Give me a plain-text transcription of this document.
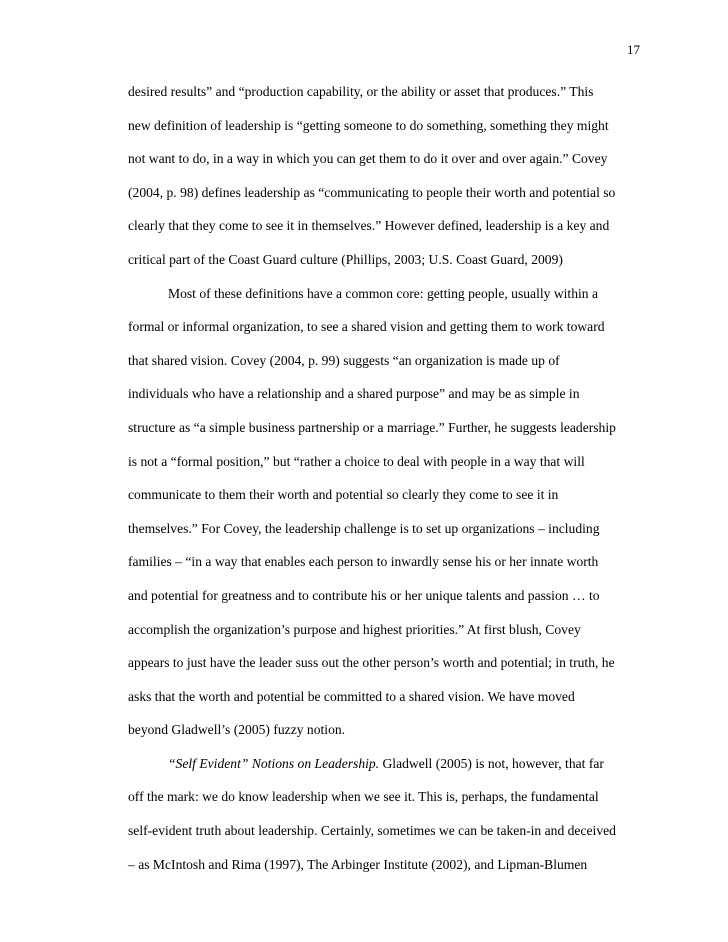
17
desired results” and “production capability, or the ability or asset that produces.” This
new definition of leadership is “getting someone to do something, something they might
not want to do, in a way in which you can get them to do it over and over again.” Covey
(2004, p. 98) defines leadership as “communicating to people their worth and potential so
clearly that they come to see it in themselves.” However defined, leadership is a key and
critical part of the Coast Guard culture (Phillips, 2003; U.S. Coast Guard, 2009)
Most of these definitions have a common core: getting people, usually within a
formal or informal organization, to see a shared vision and getting them to work toward
that shared vision. Covey (2004, p. 99) suggests “an organization is made up of
individuals who have a relationship and a shared purpose” and may be as simple in
structure as “a simple business partnership or a marriage.” Further, he suggests leadership
is not a “formal position,” but “rather a choice to deal with people in a way that will
communicate to them their worth and potential so clearly they come to see it in
themselves.” For Covey, the leadership challenge is to set up organizations – including
families – “in a way that enables each person to inwardly sense his or her innate worth
and potential for greatness and to contribute his or her unique talents and passion … to
accomplish the organization’s purpose and highest priorities.” At first blush, Covey
appears to just have the leader suss out the other person’s worth and potential; in truth, he
asks that the worth and potential be committed to a shared vision. We have moved
beyond Gladwell’s (2005) fuzzy notion.
“Self Evident” Notions on Leadership. Gladwell (2005) is not, however, that far
off the mark: we do know leadership when we see it. This is, perhaps, the fundamental
self-evident truth about leadership. Certainly, sometimes we can be taken-in and deceived
– as McIntosh and Rima (1997), The Arbinger Institute (2002), and Lipman-Blumen
